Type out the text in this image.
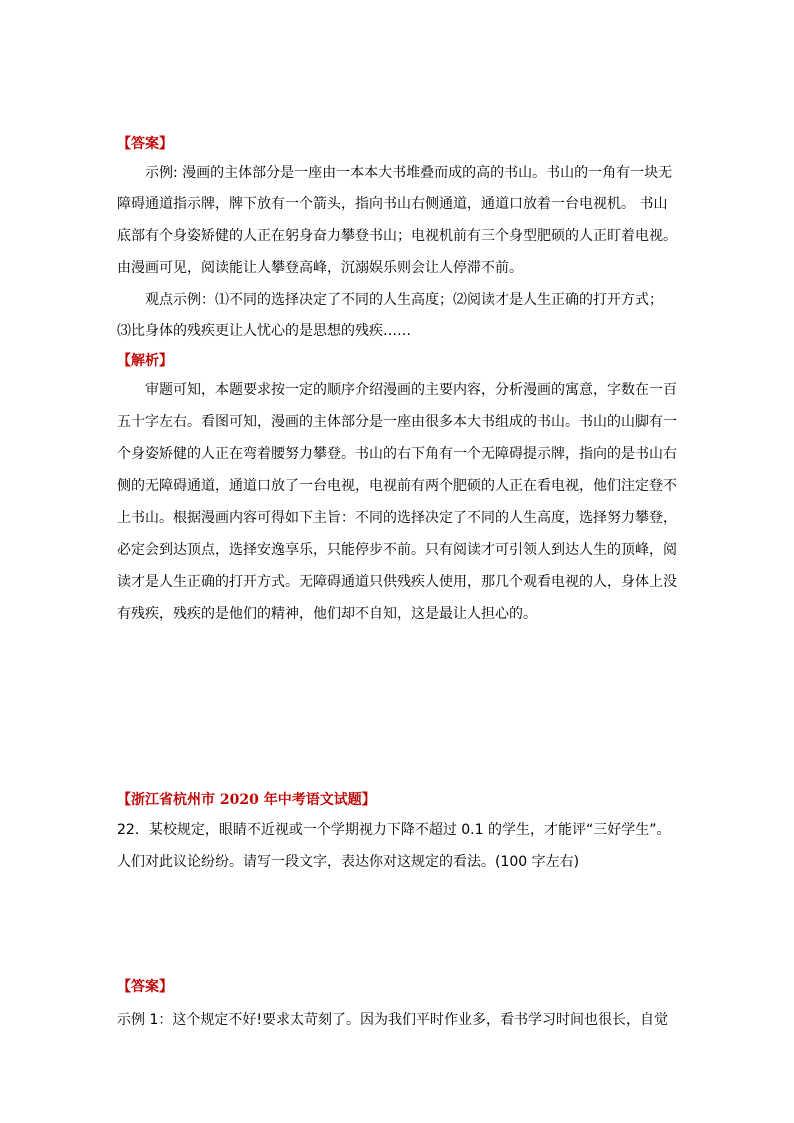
【答案】
示例: 漫画的主体部分是一座由一本本大书堆叠而成的高的书山。书山的一角有一块无
障碍通道指示牌，牌下放有一个箭头，指向书山右侧通道，通道口放着一台电视机。 书山
底部有个身姿矫健的人正在躬身奋力攀登书山；电视机前有三个身型肥硕的人正盯着电视。
由漫画可见，阅读能让人攀登高峰，沉溺娱乐则会让人停滞不前。
观点示例：⑴不同的选择决定了不同的人生高度；⑵阅读才是人生正确的打开方式；
⑶比身体的残疾更让人忧心的是思想的残疾……
【解析】
审题可知，本题要求按一定的顺序介绍漫画的主要内容，分析漫画的寓意，字数在一百
五十字左右。看图可知，漫画的主体部分是一座由很多本大书组成的书山。书山的山脚有一
个身姿矫健的人正在弯着腰努力攀登。书山的右下角有一个无障碍提示牌，指向的是书山右
侧的无障碍通道，通道口放了一台电视，电视前有两个肥硕的人正在看电视，他们注定登不
上书山。根据漫画内容可得如下主旨：不同的选择决定了不同的人生高度，选择努力攀登，
必定会到达顶点，选择安逸享乐，只能停步不前。只有阅读才可引领人到达人生的顶峰，阅
读才是人生正确的打开方式。无障碍通道只供残疾人使用，那几个观看电视的人，身体上没
有残疾，残疾的是他们的精神，他们却不自知，这是最让人担心的。
【浙江省杭州市 2020 年中考语文试题】
22．某校规定，眼睛不近视或一个学期视力下降不超过 0.1 的学生，才能评“三好学生”。
人们对此议论纷纷。请写一段文字，表达你对这规定的看法。(100 字左右)
【答案】
示例 1：这个规定不好!要求太苛刻了。因为我们平时作业多，看书学习时间也很长，自觉
